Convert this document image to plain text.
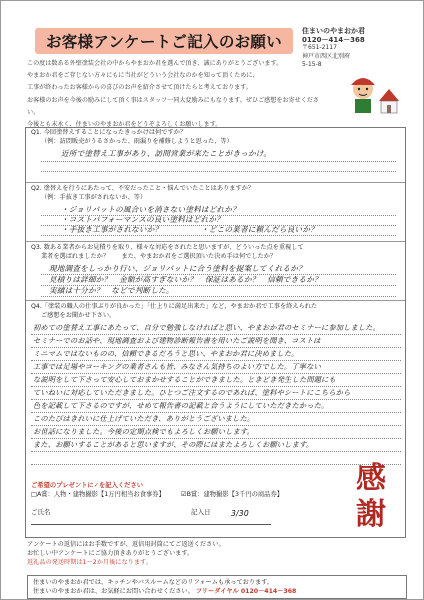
お客様アンケートご記入のお願い
住まいのやまおか君
0120－414－368
〒651-2117
神戸市西区北別府
5-15-8
この度は数ある外壁塗装会社の中からやまおか君を選んで頂き、誠にありがとうございます。
やまおか君をご存じない方々にもに当社がどういう会社なのかを知って頂くために、
工事が終わったお客様からの喜びのお声を紹介させて頂けたらと考えております。
お客様のお声を今後の励みにして頂く事はスタッフ一同大変励みにもなります。ぜひご感想をお寄せください。
今後とも末永く、住まいのやまおか君をどうぞよろしくお願いします。
Q1. 今回塗替えすることになったきっかけは何ですか？
（例：訪問販売がうるさかった、雨漏りを補修しようと思った、等）
近所で塗替え工事があり、訪問営業が来たことがきっかけ。
Q2. 塗替えを行うにあたって、不安だったこと・悩んでいたことはありますか？
（例：手抜き工事がされないか、等）
・ジョリパットの風合いを消さない塗料はどれか？
・コストパフォーマンスの良い塗料はどれか？
・手抜き工事がされないか？	・どこの業者に頼んだら良いか？
Q3. 数ある業者からお見積りを取り、様々な対応をされたと思いますが、どういった点を重視して
業者を選ばれましたか？　　また、やまおか君をご選択頂いた決め手は何でしたか？
現地調査をしっかり行い、ジョリパットに合う塗料を提案してくれるか？
見積りは詳細か？　金額が高すぎないか？　保証はあるか？　信頼できるか？
実績は十分か？　などで判断した。
Q4.「塗装の職人の仕事ぶりが良かった」「仕上りに満足出来た」など、やまおか君で工事を終えられた
ご感想をお聞かせ下さい。
初めての塗替え工事にあたって、自分で勉強しなければと思い、やまおか君のセミナーに参加しました。
セミナーでのお話や、現地調査および建物診断報告書を用いたご説明を聞き、コストは
ミニマムではないものの、信頼できるだろうと思い、やまおか君に決めました。
工事では足場やコーキングの業者さんも皆、みなさん気持ちのよい方でした。丁寧ない
な説明をして下さって安心しておまかせすることができました。ときどき発生した問題にも
ていねいに対応していただきました。ひとつご注文するのであれば、塗料やシートにこちらから
色を記載して下さるのですが、せめて報告書の記載と合うようにしていただきたかった。
このたびはきれいに仕上げていただき、ありがとうございました。
お世話になりました。今後の定期点検でもよろしくお願いします。
また、お願いすることがあると思いますが、その際にはまたよろしくお願いします。
ご希望のプレゼントに✓を記入ください
□A賞：人物・建物撮影【1万円相当お食事券】	☑B賞：建物撮影【3千円の商品券】
ご氏名	記入日	3/30
感謝
アンケートの返信にはお手数ですが、返信用封筒にてご返送ください。
お忙しい中アンケートにご協力頂きありがとうございます。
返礼品の発送時期は1～2か月後になります。
住まいのやまおか君では、キッチンやバスルームなどのリフォームも承っております。
住まいのやまおか君は、お気軽にお問い合わせください。 フリーダイヤル 0120－414－368
